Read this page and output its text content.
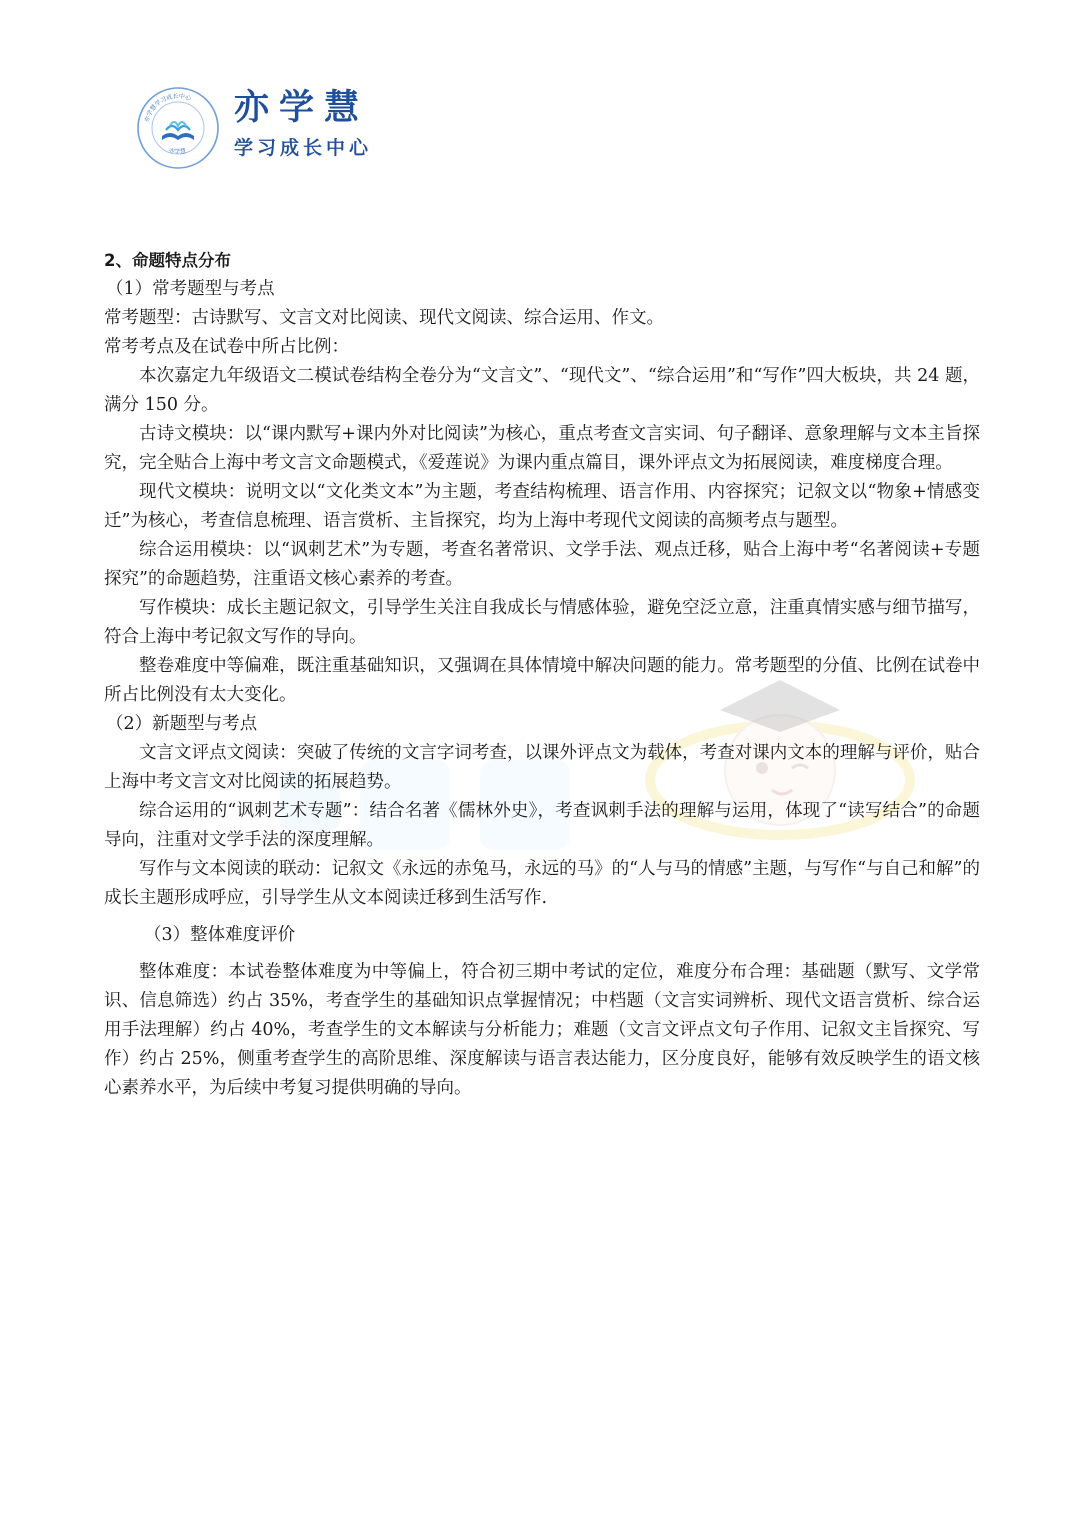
亦学慧学习成长中心
亦学慧
亦学慧
学习成长中心

2、命题特点分布

（1）常考题型与考点

常考题型：古诗默写、文言文对比阅读、现代文阅读、综合运用、作文。

常考考点及在试卷中所占比例：

本次嘉定九年级语文二模试卷结构全卷分为“文言文”、“现代文”、“综合运用”和“写作”四大板块，共 24 题，满分 150 分。

古诗文模块：以“课内默写+课内外对比阅读”为核心，重点考查文言实词、句子翻译、意象理解与文本主旨探究，完全贴合上海中考文言文命题模式，《爱莲说》为课内重点篇目，课外评点文为拓展阅读，难度梯度合理。

现代文模块：说明文以“文化类文本”为主题，考查结构梳理、语言作用、内容探究；记叙文以“物象+情感变迁”为核心，考查信息梳理、语言赏析、主旨探究，均为上海中考现代文阅读的高频考点与题型。

综合运用模块：以“讽刺艺术”为专题，考查名著常识、文学手法、观点迁移，贴合上海中考“名著阅读+专题探究”的命题趋势，注重语文核心素养的考查。

写作模块：成长主题记叙文，引导学生关注自我成长与情感体验，避免空泛立意，注重真情实感与细节描写，符合上海中考记叙文写作的导向。

整卷难度中等偏难，既注重基础知识，又强调在具体情境中解决问题的能力。常考题型的分值、比例在试卷中所占比例没有太大变化。

（2）新题型与考点

文言文评点文阅读：突破了传统的文言字词考查，以课外评点文为载体，考查对课内文本的理解与评价，贴合上海中考文言文对比阅读的拓展趋势。

综合运用的“讽刺艺术专题”：结合名著《儒林外史》，考查讽刺手法的理解与运用，体现了“读写结合”的命题导向，注重对文学手法的深度理解。

写作与文本阅读的联动：记叙文《永远的赤兔马，永远的马》的“人与马的情感”主题，与写作“与自己和解”的成长主题形成呼应，引导学生从文本阅读迁移到生活写作.

（3）整体难度评价

整体难度：本试卷整体难度为中等偏上，符合初三期中考试的定位，难度分布合理：基础题（默写、文学常识、信息筛选）约占 35%，考查学生的基础知识点掌握情况；中档题（文言实词辨析、现代文语言赏析、综合运用手法理解）约占 40%，考查学生的文本解读与分析能力；难题（文言文评点文句子作用、记叙文主旨探究、写作）约占 25%，侧重考查学生的高阶思维、深度解读与语言表达能力，区分度良好，能够有效反映学生的语文核心素养水平，为后续中考复习提供明确的导向。
